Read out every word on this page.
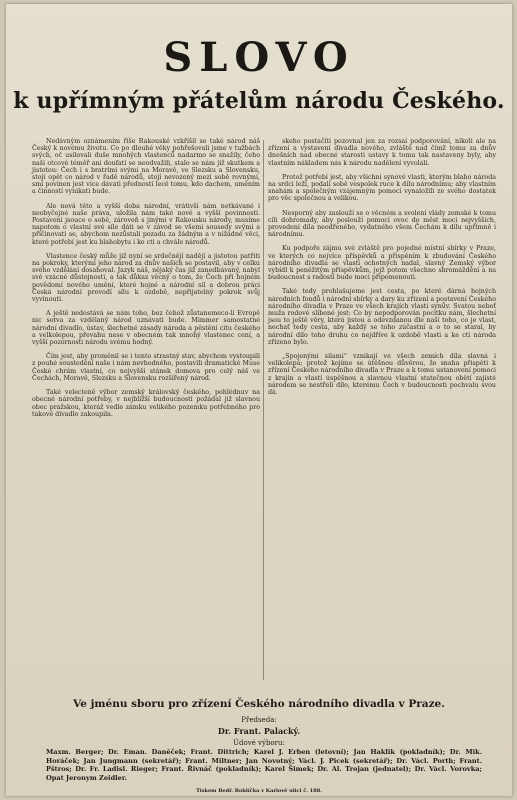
SLOVO
k upřímným přátelům národu Českého.

Nedávným oznámením říše Rakouské vzkříšil se také národ náš Český k novému životu. Co po dlouhé věky pohřešovali jsme v tužbách svých, oč usilovali duše mnohých vlastenců nadarmo se snažily, čeho naši otcové téměř ani doufati se neodvažili, stalo se nám již skutkem a jistotou: Čech i s bratrími svými na Moravě, ve Slezsku a Slovensku, stojí opět co národ v řadě národů, stojí nevozený mezi sobě rovnými, smí povinen jest více dávati předností lecě tomu, kdo dachem, uměním a činností vynikati bude.

Ale nová této a vyšší doba národní, vrátivší nám netkávané i neobyčejné naše práva, uložila nám také nové a vyšší povinnosti. Postaveni jsouce o sobě, zároveň s jinými v Rakousku národy, musíme napotom o vlastní své síle dáti se v závod se všemi sousedy svými a přičinovati se, abychom nezůstali pozadu za žádným a v nižádné věci, které potřebí jest ku blahobytu i ke cti a chvále národů.

Vlastence český může již nyní se srdečnějí nadějí a jistotou patřiti na pokroky, kterými jeho národ za dnův našich se postavil, aby v celku svého vzdělání dosahoval. Jazyk náš, nějaký čas již zanedbávaný, nabyl své vzácné důstojnosti, a tak důkaz věcný o tom, že Čech při hojném povědomí nového umění, které hojné a národní sil a dobrou práci Česká národní provodí sílu k ozdobě, nepřijatelný pokrok svůj vyvinouti.

A ještě nedostává se nám toho, bez čehož zůstanemeco-li Evropě nic sotva za vzdělaný národ uznávati bude. Mimmer samostatné národní divadlo, ústav, šlechetné zásady národa a pěstění citu českého a velkolepou, převahu nese v obecném tak mnohý vlastenec cení, a vyšší pozornosti národu svému hodný.

Čím jest, aby proměnil se i tento strastný stav, abychom vystoupili z pouhé soustedění naše i nám nevhodného, postavili dramatické Muse České chrám vlastní, co nejvyšší stánek domova pro celý náš ve Čechách, Moravě, Slezsku a Slovensku rozšířený národ.

Také velecteně výbor zemský královský českého, pohlédnuv na obecné národní potřeby, v nejbližší budoucnosti požádal již slavnou obec pražskou, kteráž vedle zámku velikého pozemku potřebného pro takové divadlo zakoupila.

skeho postačíti pozovnal jen za rozsaí podporování, nikoli ale na zřízení a vystavení divadla nového, zvláště nad čímž tomu za dnův dnešních nad obecné starosti ustavy k tomu tak nastaveny byly, aby vlastním nákladem nás k národu nadělení vyvolali.

Protož potřebí jest, aby všichni synové vlasti, kterým blaho národa na srdci leží, podali sobě vespolek ruce k dílu národnímu; aby vlastním snahám a společným vzájemným pomocí vynaložili ze svého dostatek pro věc společnou a velikou.

Nesporný aby zaslouží se o věcném a svolení vlády zemské k tomu cíli dohromady, aby poslouží pomocí ovoc do měst moci nejvyšších, provedení díla neodřeného, vydatného všem Čechám k dílu upřímně i národnímu.

Ku podpoře zájmu své zvláště pro pojedné místní sbírky v Praze, ve kterých co nejvíce příspěvků a přispěním k zbudování Českého národního divadla se vlasti ochotných nadal, slavný Zemský výbor vybídl k peněžitým příspěvkům, jejž potom všechno shromáždění a na budoucnost s radostí bude moci připomenouti.

Také tedy prohlašujeme jest cesta, po které dárná hojných národních fondů i národní sbírky a dary ku zřízení a postavení Českého národního divadla v Praze ve všech krajích vlasti synův. Svatou neboť muža rodové slíbené jest: Co by nepodporován pocitku nám, šlechetní jsou to ještě věry, která jistou a odevzdanou dle naší toho, co je vlast, nechať tedy cesta, aby každý se toho zúčastní a o to se staral, by národní dílo toho druhu co nejdříve k ozdobě vlasti a ke cti národa zřízeno bylo.

„Spojenými silami“ vznikají ve všech zemích díla slavná i velikolepá; protož kojíme se útěšnou důvěrou, že snaha přispěti k zřízení Českého národního divadla v Praze a k tomu ustanovení pomoci z krajin a vlastí úspěšnou a slavnou vlastní statečnou obětí zajisté národem se nestřeli dílo, kterému Čech v budoucnosti pochvalu svou dá.

Ve jménu sboru pro zřízení Českého národního divadla v Praze.
Předseda:
Dr. Frant. Palacký.
Údové výboru:
Maxm. Berger; Dr. Eman. Daněček; Frant. Dittrich; Karel J. Erben (letovní); Jan Haklik (pokladník); Dr. Mik. Horáček; Jan Jungmann (sekretář); Frant. Miltner; Jan Novotný; Václ. J. Picek (sekretář); Dr. Václ. Porth; Frant. Pštros; Dr. Fr. Ladisl. Rieger; Frant. Řivnáč (pokladník); Karel Šimek; Dr. Al. Trojan (jednatel); Dr. Václ. Vorovka; Opat Jeronym Zeidler.
Tiskem Bedř. Rohlíčka v Karlově ulici č. 188.
